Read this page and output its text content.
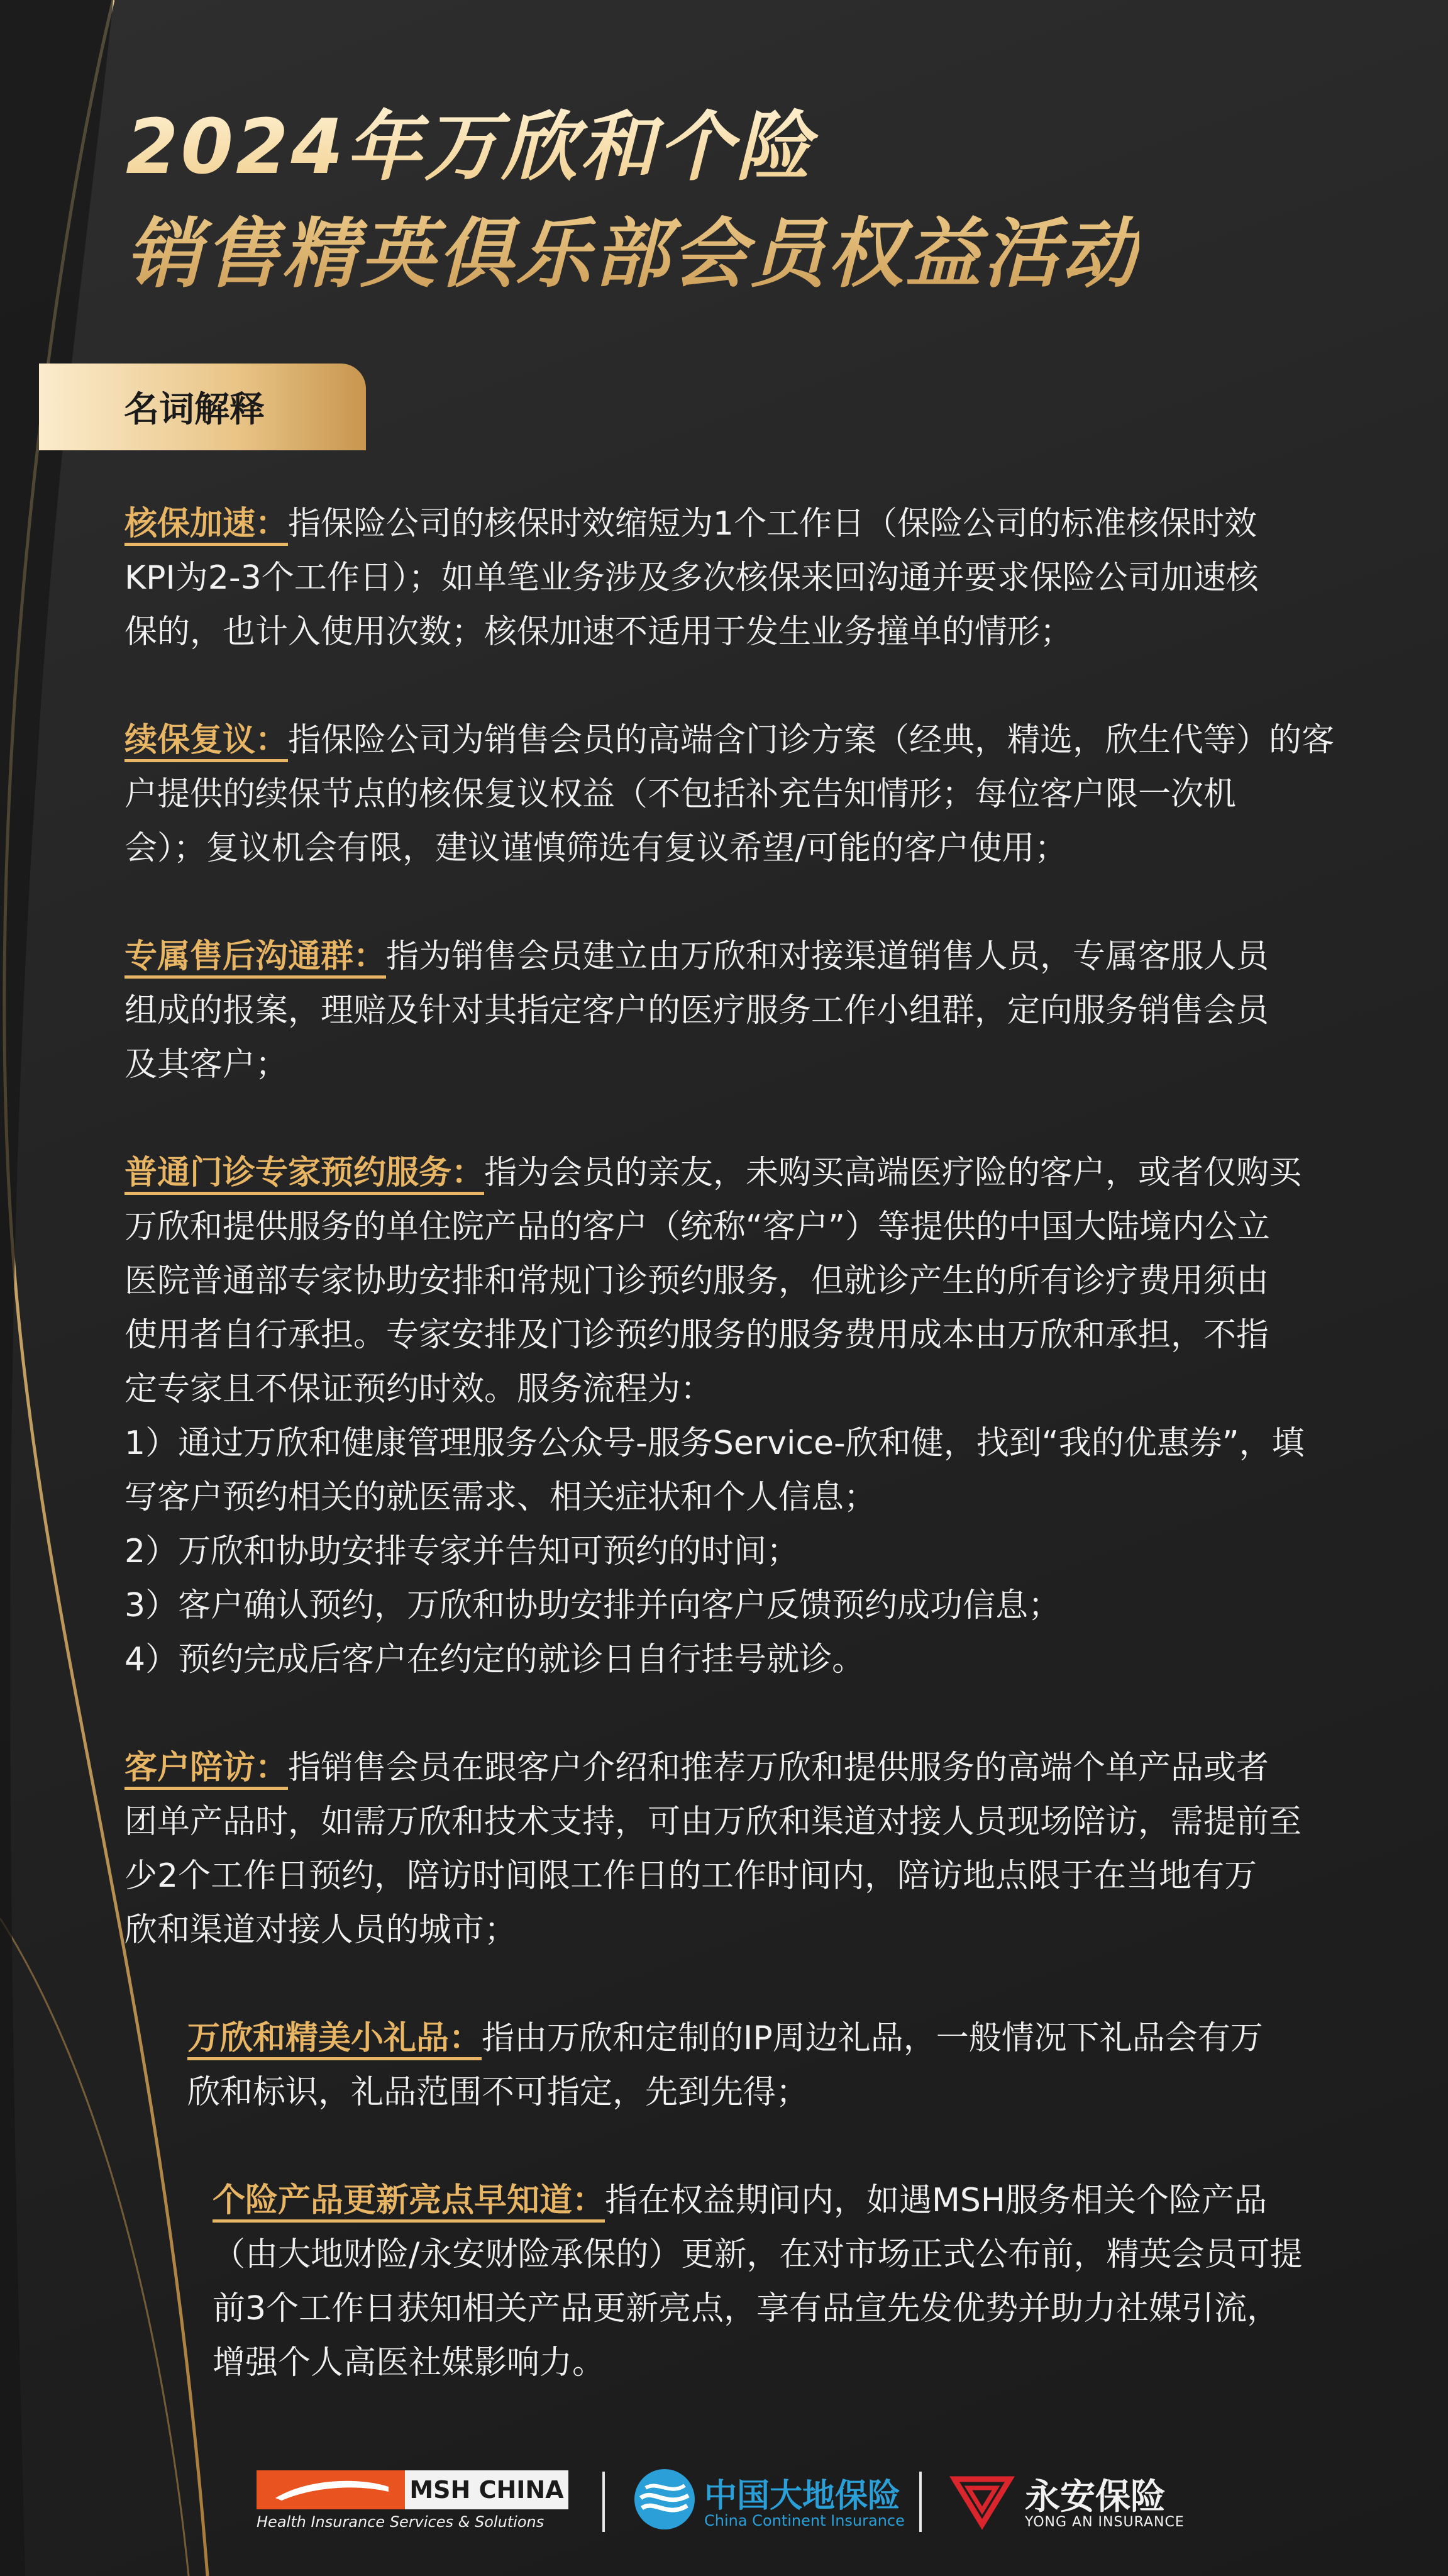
2024年万欣和个险
销售精英俱乐部会员权益活动
名词解释
核保加速：指保险公司的核保时效缩短为1个工作日（保险公司的标准核保时效
KPI为2-3个工作日）；如单笔业务涉及多次核保来回沟通并要求保险公司加速核
保的，也计入使用次数；核保加速不适用于发生业务撞单的情形；
续保复议：指保险公司为销售会员的高端含门诊方案（经典，精选，欣生代等）的客
户提供的续保节点的核保复议权益（不包括补充告知情形；每位客户限一次机
会）；复议机会有限，建议谨慎筛选有复议希望/可能的客户使用；
专属售后沟通群：指为销售会员建立由万欣和对接渠道销售人员，专属客服人员
组成的报案，理赔及针对其指定客户的医疗服务工作小组群，定向服务销售会员
及其客户；
普通门诊专家预约服务：指为会员的亲友，未购买高端医疗险的客户，或者仅购买
万欣和提供服务的单住院产品的客户（统称“客户”）等提供的中国大陆境内公立
医院普通部专家协助安排和常规门诊预约服务，但就诊产生的所有诊疗费用须由
使用者自行承担。专家安排及门诊预约服务的服务费用成本由万欣和承担，不指
定专家且不保证预约时效。服务流程为：
1）通过万欣和健康管理服务公众号-服务Service-欣和健，找到“我的优惠券”，填
写客户预约相关的就医需求、相关症状和个人信息；
2）万欣和协助安排专家并告知可预约的时间；
3）客户确认预约，万欣和协助安排并向客户反馈预约成功信息；
4）预约完成后客户在约定的就诊日自行挂号就诊。
客户陪访：指销售会员在跟客户介绍和推荐万欣和提供服务的高端个单产品或者
团单产品时，如需万欣和技术支持，可由万欣和渠道对接人员现场陪访，需提前至
少2个工作日预约，陪访时间限工作日的工作时间内，陪访地点限于在当地有万
欣和渠道对接人员的城市；
万欣和精美小礼品：指由万欣和定制的IP周边礼品，一般情况下礼品会有万
欣和标识，礼品范围不可指定，先到先得；
个险产品更新亮点早知道：指在权益期间内，如遇MSH服务相关个险产品
（由大地财险/永安财险承保的）更新，在对市场正式公布前，精英会员可提
前3个工作日获知相关产品更新亮点，享有品宣先发优势并助力社媒引流，
增强个人高医社媒影响力。
MSH CHINA
Health Insurance Services & Solutions
中国大地保险
China Continent Insurance
永安保险
YONG AN INSURANCE
